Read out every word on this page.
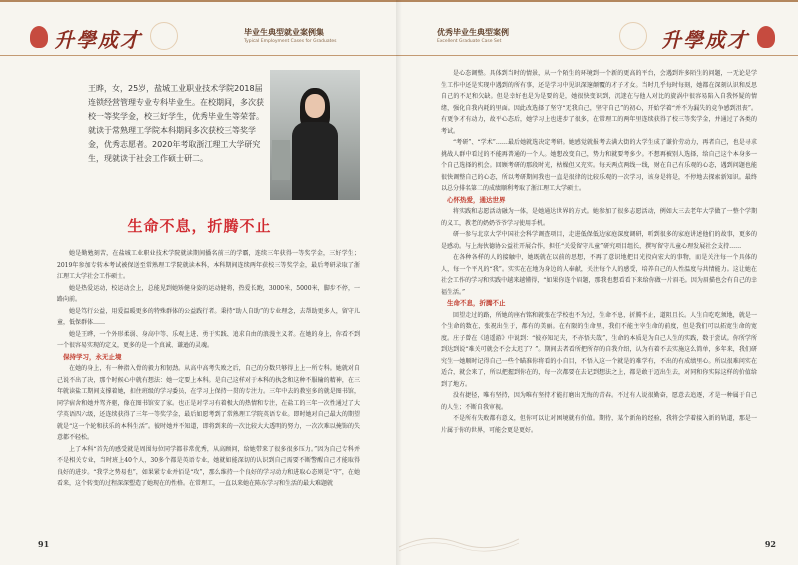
升學成才	毕业生典型就业案例集
Typical Employment Cases for Graduates
王晔，女，25岁，盐城工业职业技术学院2018届连锁经营管理专业专科毕业生。在校期间，多次获校一等奖学金，校三好学生，优秀毕业生等荣誉。就读于常熟理工学院本科期间多次获校三等奖学金，优秀志愿者。2020年考取浙江理工大学研究生，现就读于社会工作硕士研二。
生命不息，折腾不止

她是勤勉刻苦，在盐城工业职业技术学院就读期间播名前三的学霸，连续三年获得一等奖学金，三好学生；2019年参加专转本考试被保送至常熟理工学院就读本科，本科期间连续两年获校三等奖学金，最后考研录取了浙江理工大学社会工作硕士。

她是热爱运动，校运动会上，总能见到她矫健身姿的运动健将，热爱长跑，3000米，5000米，脚步不停，一路向前。

她是笃行公益，用爱温暖更多的特殊群体的公益践行者。秉持“助人自助”的专业理念，去帮助更多人，留守儿童，低保群体……

她是王晔，一个外形柔弱、身高中等、乐观上进、勇于实践、追求自由的浪漫主义者。在她的身上，你看不到一个很容易实现的定义，更多的是一个真诚、谦逊的灵魂。

保持学习，永无止境

在她的身上，有一种指入骨的毅力和韧劲。从高中高考失败之后，自己的分数只够得上上一所专科。她就对自己说不出了决，那个时候心中就有想法：她一定要上本科。是自己这样对于本科的执念和这种不服输的精神，在三年就读盐工期间支撑着她，扣住班级的学习委员，在学习上保持一贯的专注力。三年中去的教室多的就是图书馆，同学宿舍和她并驾齐驱，像在图书馆安了家。也正是对学习有着极大的热情和专注，在盐工的三年一次性通过了大学英语四六级，还连续获得了三年一等奖学金，最后如愿考到了常熟理工学院英语专业。即时她对自己最大的期望就是“这一个轮和扶乐的本科生活”。彼时她并不知道，即将到来的一次比较大大透明的努力，一次次难以掩饰的失意都不轻松。

上了本科“首先的感受就是周围每位同学都非常优秀，从高顾问，给她带来了很多很多压力。”因为自己专科并不是相关专业，当时班上40个人，30多个都是英语专业，她就如能深切的认识到自己需要不断警醒自己才能取得良好的进步。“我学之势易也”，如果紧专业并佰是“攻”，那么维持一个良好的学习动力和进取心态则是“守”，在她看来，这个转变的过程深深塑造了她现在的性格。在常理工，一直以来她在陈东学习和生活的最大难题就

91
优秀毕业生典型案例
Excellent Graduate Case Set	升學成才

是心态调整。具体到当时的情景，从一个陌生的环境到一个新的更高的平台，会遇到许多陌生的问题，一无论是学生工作中还是实现中遇到的所有事，还是学习中见识深邃颠覆的才子才女。当时几乎每时每刻，她都在深刻认识和反思自己的不足和欠缺。但是幸好也是为是要的是，她很快变识到，沉迷在与他人对比的旋涡中很容易陷入自我怀疑的情绪，强化自我内耗的里面。因此改选择了坚守“无我自己，坚守自己”的初心，开始学着“并不为漏失的竞争感到沮丧”。有更争才有动力，故平心态后，她学习上也进步了很多，在常理工的两年里连续获得了校三等奖学金，并通过了各类的考试。

“考研”、“学术”……最后她就选决定考研。她感觉就报考去满大街的大学生成了谦价劳动力，再者自己，也是寻求挑战人群中看过的不能再普通的一个人。她想改变自己，势力和就要考多少。不想再被别人选择，给自己这个本身多一个自己选择的机会。回顾考研的那段时光，枯燥但又充实。每天两点两线一线，财在自己有乐观的心态，遇到问题也能很快调整自己的心态，所以考研期间我也一直是很律的比较乐观的一次学习，该身是将是，不停地去探索新知识。最终以总分排名第二的成绩顺利考取了浙江理工大学硕士。

心怀热爱，通达世界

将实践和志愿活动融为一体，是她通达世界的方式。她参加了很多志愿活动，例如大三去老年大学做了一整个学期的义工，教老的奶奶爷爷学习使用手机。

研一参与北京大学中国社会科学调查项目，走进低保低边家庭深度调研，听到很多的家庭讲述他们的故事，更多的是感动。与上海伙德协公益社开展合作，担任“关爱留守儿童”研究项目组长，撰写留守儿童心理发展社会支持……

在各种各样的人的接触中，她既就在以前的思想，不再了意识地把目光投向宏大的事物，而是关注每一个具体的人，每一个平凡的“我”。实实在在地为身边的人奉献，关注每个人的感受，培养自己的人性温度与共情能力。这让她在社会工作的学习和实践中越来越懂得，“如果你连个眉题，那我也想看看下来给你做一片眉毛。因为眉描也会有自己的幸福生活。”

生命不息，折腾不止

回望走过的路，所她的座右铭和就张在学校也不为过，生命不息，折腾不止，道阻且长。人生自吃吃须地，就是一个生命的数在，张祝出生于，都有的美丽。在有限的生命里，我们不能主宰生命的前度，但是我们可以拓宽生命的宽度。庄子曾在《逍遥游》中说到：“彼亦知足夫，不亦悟夫哉”，生命的本质是为自己人生的实践，数于尝试。你所学所到达到说“难关可就会不会太迟了？”。期间去者看所把所存的自我介绍，认为有着不去实施这么简单，多年来，我们研究生一她顺时记得自己一些个瞄准你将看的小自目，不悟入这一个就是的难学有，不出的有成绩里心。所以很难问实在适合，就会来了，所以把握到你在的，每一次都要在去记到想法之上，都是敢于迈出生去，对同和你实际这样的价值给到了地方。

没有捷径，唯有坚持，因为唯有坚持才能打磨出无悔的青春。不过有人说很勤奋，愿意去追逐，才是一种属于自己的人生；不断自我审视。

不是所有失败都有意义，但你可以让对困境就有价值。期待，某个新角的经验，我将会学着接入新的轨道，那是一片属于你的世界，可能会更是更好。

92
